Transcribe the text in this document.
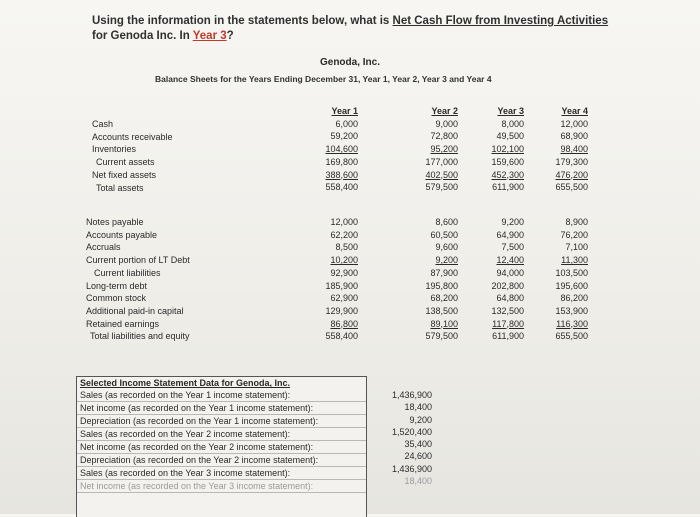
Using the information in the statements below, what is Net Cash Flow from Investing Activities
for Genoda Inc. In Year 3?
Genoda, Inc.
Balance Sheets for the Years Ending December 31, Year 1, Year 2, Year 3 and Year 4
Cash
Accounts receivable
Inventories
Current assets
Net fixed assets
Total assets
Notes payable
Accounts payable
Accruals
Current portion of LT Debt
Current liabilities
Long-term debt
Common stock
Additional paid-in capital
Retained earnings
Total liabilities and equity
Year 1
6,000
59,200
104,600
169,800
388,600
558,400
12,000
62,200
8,500
10,200
92,900
185,900
62,900
129,900
86,800
558,400
Year 2
9,000
72,800
95,200
177,000
402,500
579,500
8,600
60,500
9,600
9,200
87,900
195,800
68,200
138,500
89,100
579,500
Year 3
8,000
49,500
102,100
159,600
452,300
611,900
9,200
64,900
7,500
12,400
94,000
202,800
64,800
132,500
117,800
611,900
Year 4
12,000
68,900
98,400
179,300
476,200
655,500
8,900
76,200
7,100
11,300
103,500
195,600
86,200
153,900
116,300
655,500
Selected Income Statement Data for Genoda, Inc.
Sales (as recorded on the Year 1 income statement):
Net income (as recorded on the Year 1 income statement):
Depreciation (as recorded on the Year 1 income statement):
Sales (as recorded on the Year 2 income statement):
Net income (as recorded on the Year 2 income statement):
Depreciation (as recorded on the Year 2 income statement):
Sales (as recorded on the Year 3 income statement):
Net income (as recorded on the Year 3 income statement):
1,436,900
18,400
9,200
1,520,400
35,400
24,600
1,436,900
18,400
